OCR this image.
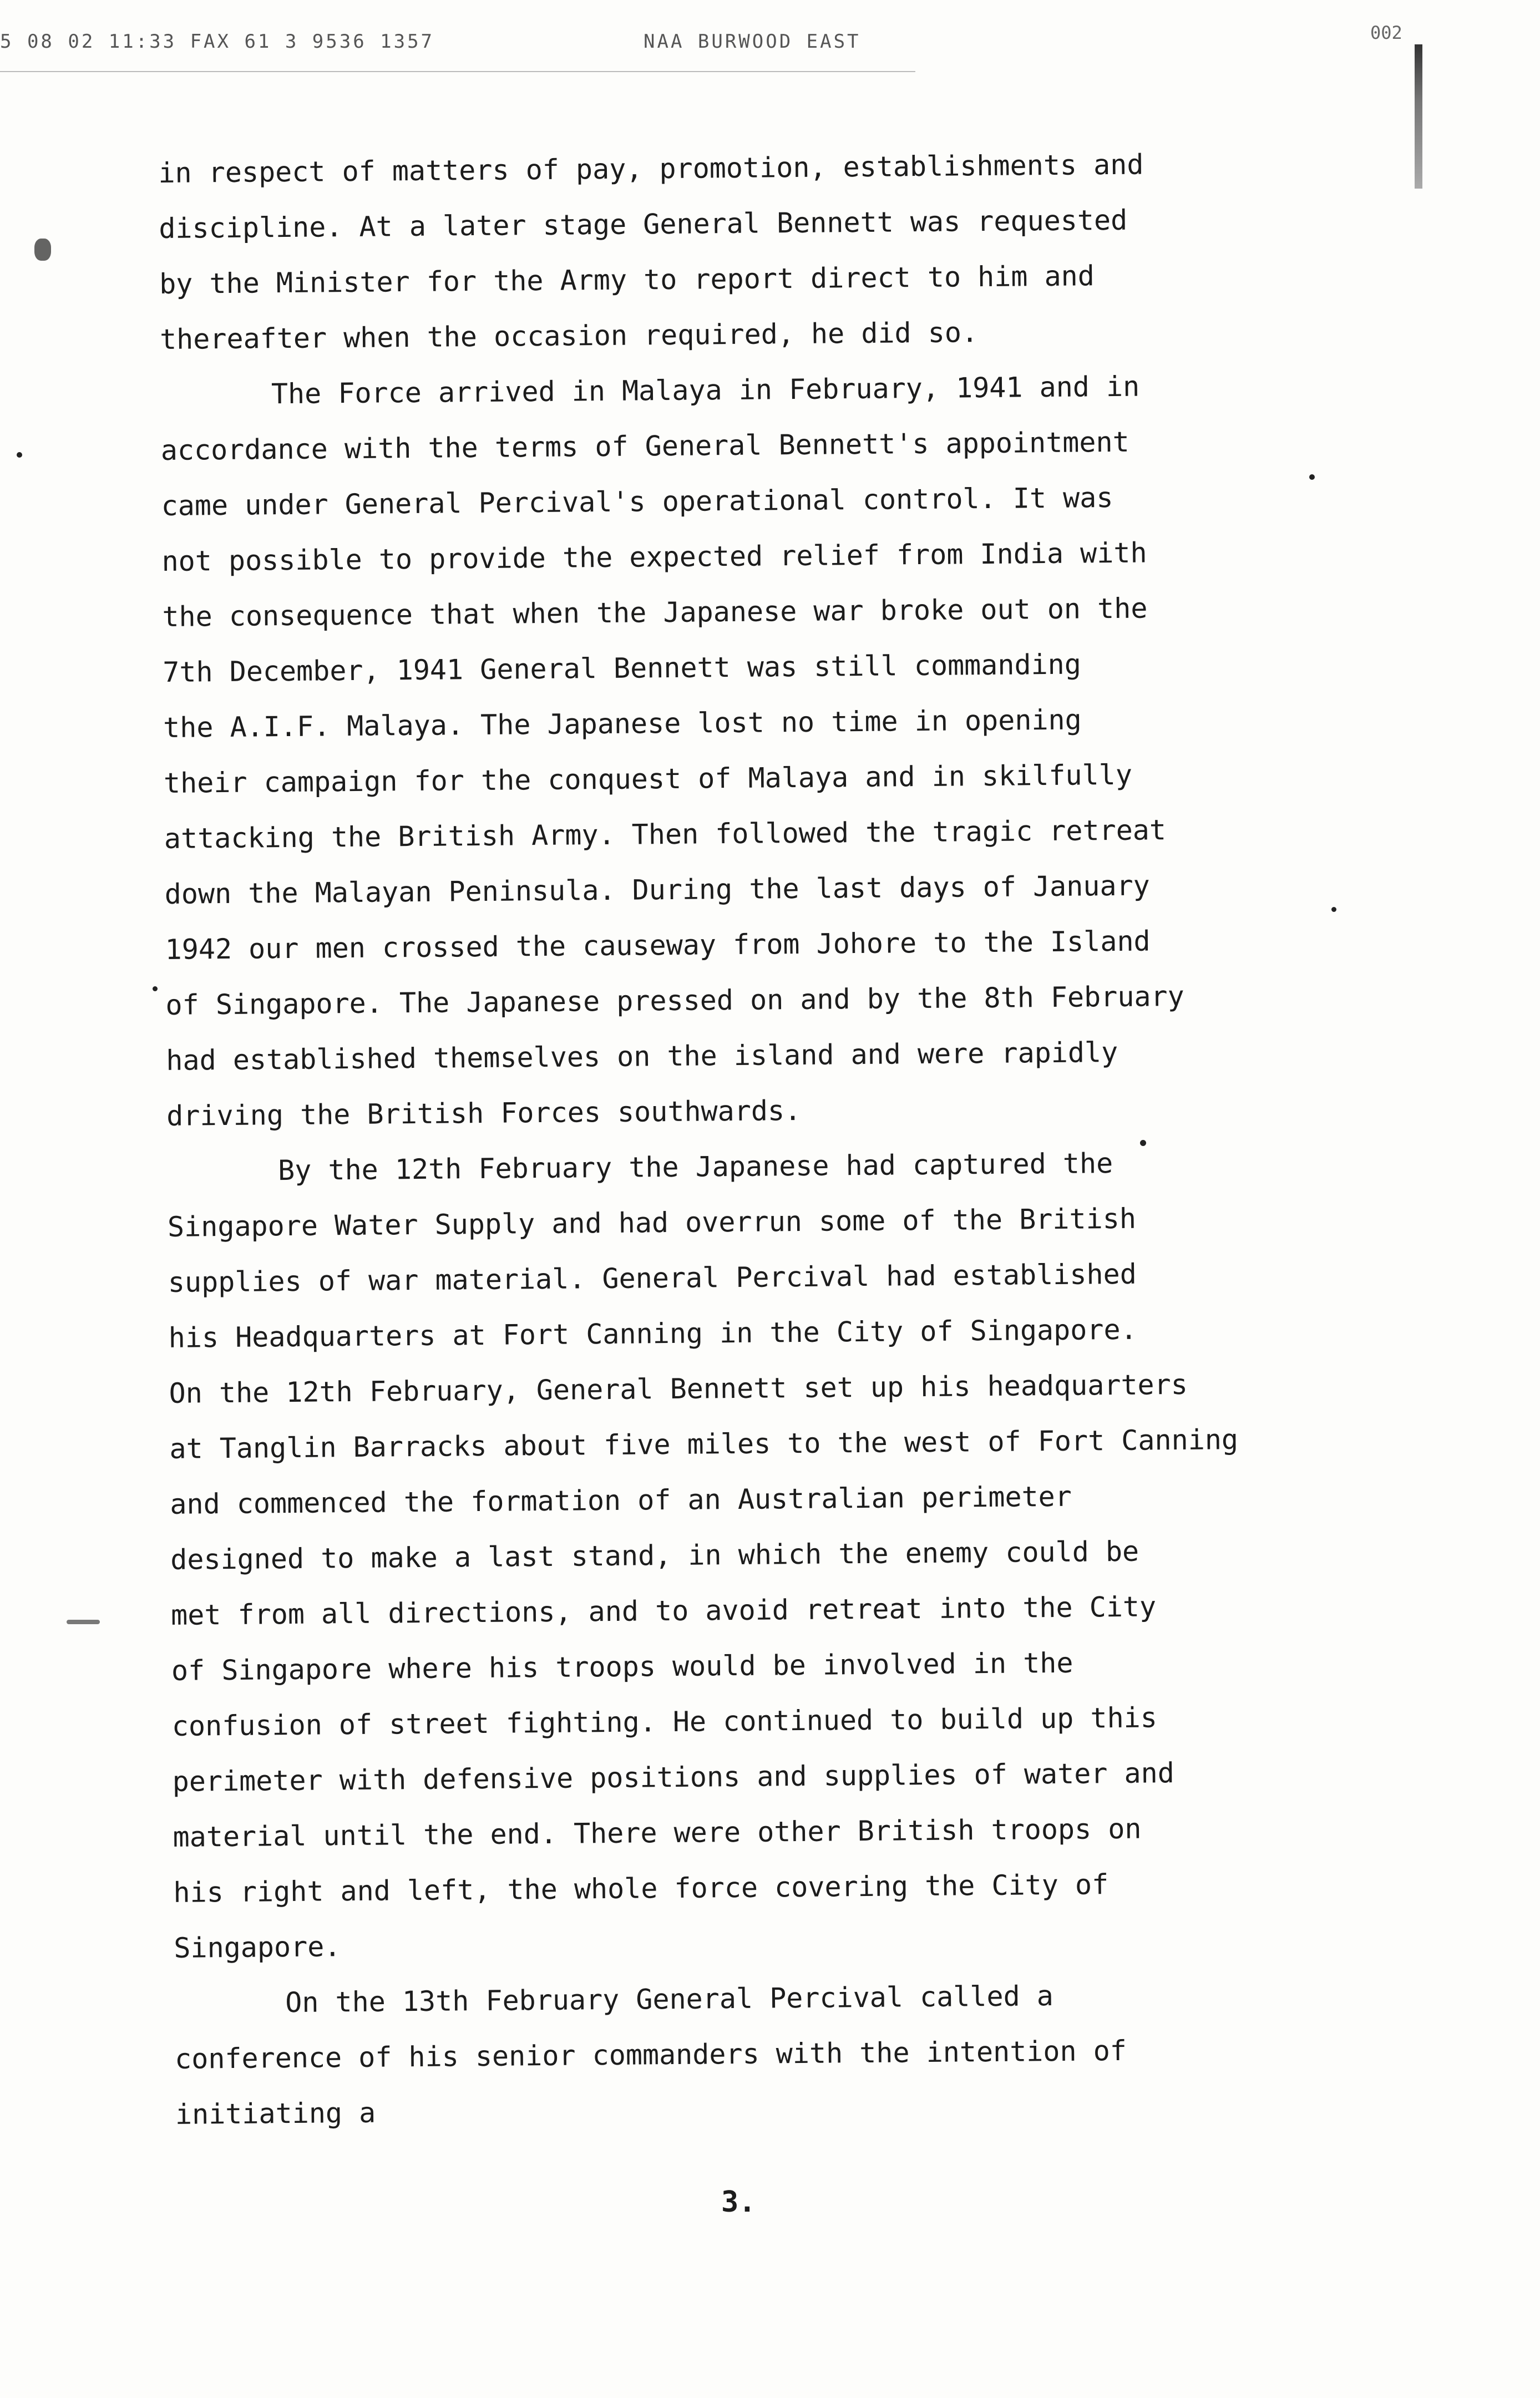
5 08 02 11:33 FAX 61 3 9536 1357	NAA BURWOOD EAST	002
in respect of matters of pay, promotion, establishments and
discipline. At a later stage General Bennett was requested
by the Minister for the Army to report direct to him and
thereafter when the occasion required, he did so.
The Force arrived in Malaya in February, 1941 and in
accordance with the terms of General Bennett's appointment
came under General Percival's operational control. It was
not possible to provide the expected relief from India with
the consequence that when the Japanese war broke out on the
7th December, 1941 General Bennett was still commanding
the A.I.F. Malaya. The Japanese lost no time in opening
their campaign for the conquest of Malaya and in skilfully
attacking the British Army. Then followed the tragic retreat
down the Malayan Peninsula. During the last days of January
1942 our men crossed the causeway from Johore to the Island
of Singapore. The Japanese pressed on and by the 8th February
had established themselves on the island and were rapidly
driving the British Forces southwards.
By the 12th February the Japanese had captured the
Singapore Water Supply and had overrun some of the British
supplies of war material. General Percival had established
his Headquarters at Fort Canning in the City of Singapore.
On the 12th February, General Bennett set up his headquarters
at Tanglin Barracks about five miles to the west of Fort Canning
and commenced the formation of an Australian perimeter
designed to make a last stand, in which the enemy could be
met from all directions, and to avoid retreat into the City
of Singapore where his troops would be involved in the
confusion of street fighting. He continued to build up this
perimeter with defensive positions and supplies of water and
material until the end. There were other British troops on
his right and left, the whole force covering the City of
Singapore.
On the 13th February General Percival called a
conference of his senior commanders with the intention of
initiating a
3.
